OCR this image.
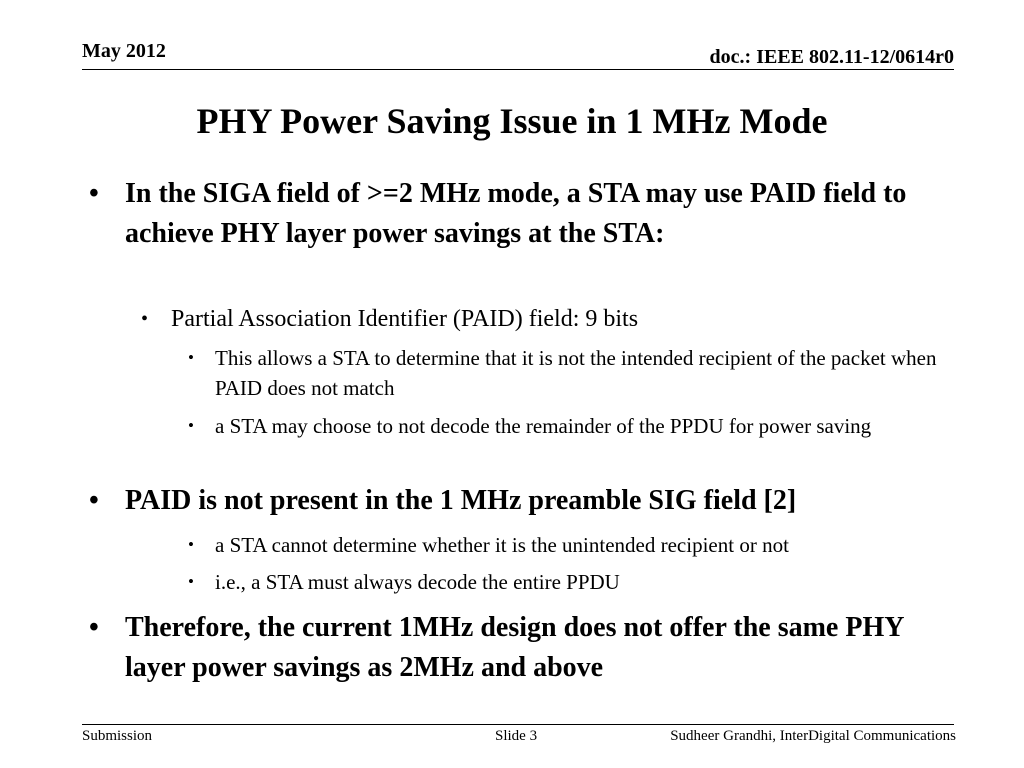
May 2012	doc.: IEEE 802.11-12/0614r0
PHY Power Saving Issue in 1 MHz Mode
• In the SIGA field of >=2 MHz mode, a STA may use PAID field to achieve PHY layer power savings at the STA:
• Partial Association Identifier (PAID) field: 9 bits
• This allows a STA to determine that it is not the intended recipient of the packet when PAID does not match
• a STA may choose to not decode the remainder of the PPDU for power saving
• PAID is not present in the 1 MHz preamble SIG field [2]
• a STA cannot determine whether it is the unintended recipient or not
• i.e., a STA must always decode the entire PPDU
• Therefore, the current 1MHz design does not offer the same PHY layer power savings as 2MHz and above
Submission	Slide 3	Sudheer Grandhi, InterDigital Communications
